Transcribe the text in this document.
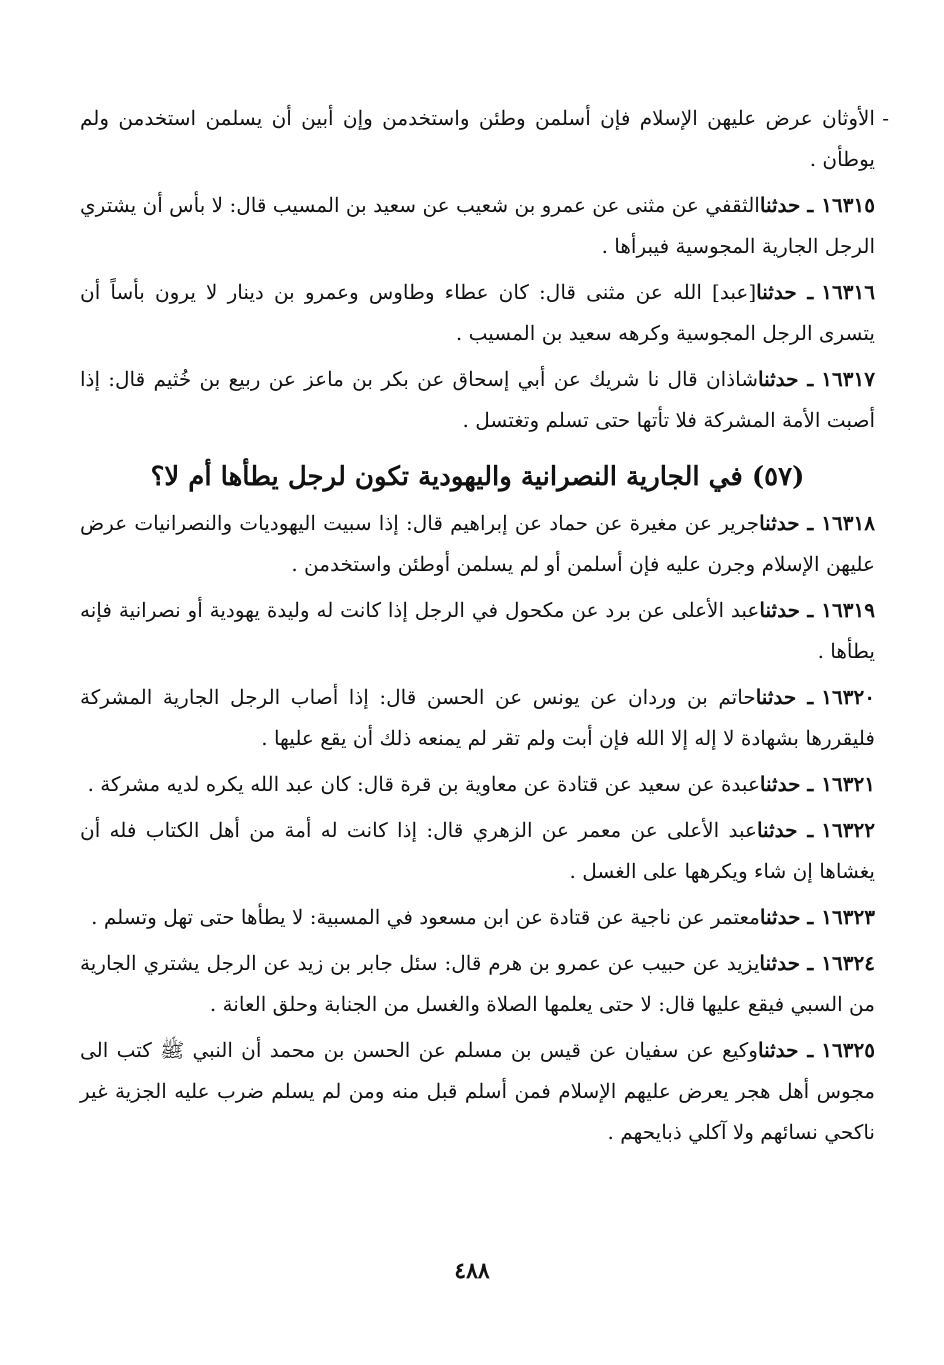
-
الأوثان عرض عليهن الإسلام فإن أسلمن وطئن واستخدمن وإن أبين أن يسلمن استخدمن ولم يوطأن .

١٦٣١٥ـ حدثناالثقفي عن مثنى عن عمرو بن شعيب عن سعيد بن المسيب قال: لا بأس أن يشتري الرجل الجارية المجوسية فيبرأها .

١٦٣١٦ـ حدثنا[عبد] الله عن مثنى قال: كان عطاء وطاوس وعمرو بن دينار لا يرون بأساً أن يتسرى الرجل المجوسية وكرهه سعيد بن المسيب .

١٦٣١٧ـ حدثناشاذان قال نا شريك عن أبي إسحاق عن بكر بن ماعز عن ربيع بن خُثيم قال: إذا أصبت الأمة المشركة فلا تأتها حتى تسلم وتغتسل .

(٥٧) في الجارية النصرانية واليهودية تكون لرجل يطأها أم لا؟

١٦٣١٨ـ حدثناجرير عن مغيرة عن حماد عن إبراهيم قال: إذا سبيت اليهوديات والنصرانيات عرض عليهن الإسلام وجرن عليه فإن أسلمن أو لم يسلمن أوطئن واستخدمن .

١٦٣١٩ـ حدثناعبد الأعلى عن برد عن مكحول في الرجل إذا كانت له وليدة يهودية أو نصرانية فإنه يطأها .

١٦٣٢٠ـ حدثناحاتم بن وردان عن يونس عن الحسن قال: إذا أصاب الرجل الجارية المشركة فليقررها بشهادة لا إله إلا الله فإن أبت ولم تقر لم يمنعه ذلك أن يقع عليها .

١٦٣٢١ـ حدثناعبدة عن سعيد عن قتادة عن معاوية بن قرة قال: كان عبد الله يكره لديه مشركة .

١٦٣٢٢ـ حدثناعبد الأعلى عن معمر عن الزهري قال: إذا كانت له أمة من أهل الكتاب فله أن يغشاها إن شاء ويكرهها على الغسل .

١٦٣٢٣ـ حدثنامعتمر عن ناجية عن قتادة عن ابن مسعود في المسبية: لا يطأها حتى تهل وتسلم .

١٦٣٢٤ـ حدثنايزيد عن حبيب عن عمرو بن هرم قال: سئل جابر بن زيد عن الرجل يشتري الجارية من السبي فيقع عليها قال: لا حتى يعلمها الصلاة والغسل من الجنابة وحلق العانة .

١٦٣٢٥ـ حدثناوكيع عن سفيان عن قيس بن مسلم عن الحسن بن محمد أن النبي ﷺ كتب الى مجوس أهل هجر يعرض عليهم الإسلام فمن أسلم قبل منه ومن لم يسلم ضرب عليه الجزية غير ناكحي نسائهم ولا آكلي ذبايحهم .

٤٨٨
